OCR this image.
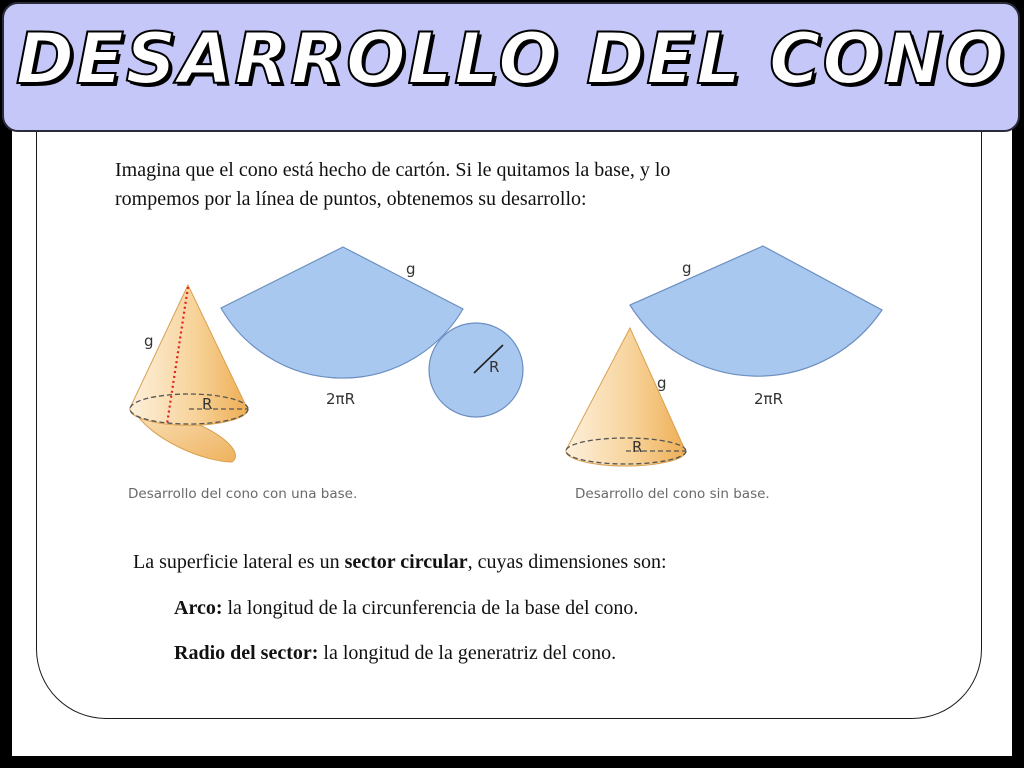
DESARROLLO DEL CONO
Imagina que el cono está hecho de cartón. Si le quitamos la base, y lo
rompemos por la línea de puntos, obtenemos su desarrollo:
g
R
g
2πR
R
g
g
2πR
R
Desarrollo del cono con una base.	Desarrollo del cono sin base.
La superficie lateral es un sector circular, cuyas dimensiones son:
Arco: la longitud de la circunferencia de la base del cono.
Radio del sector: la longitud de la generatriz del cono.
